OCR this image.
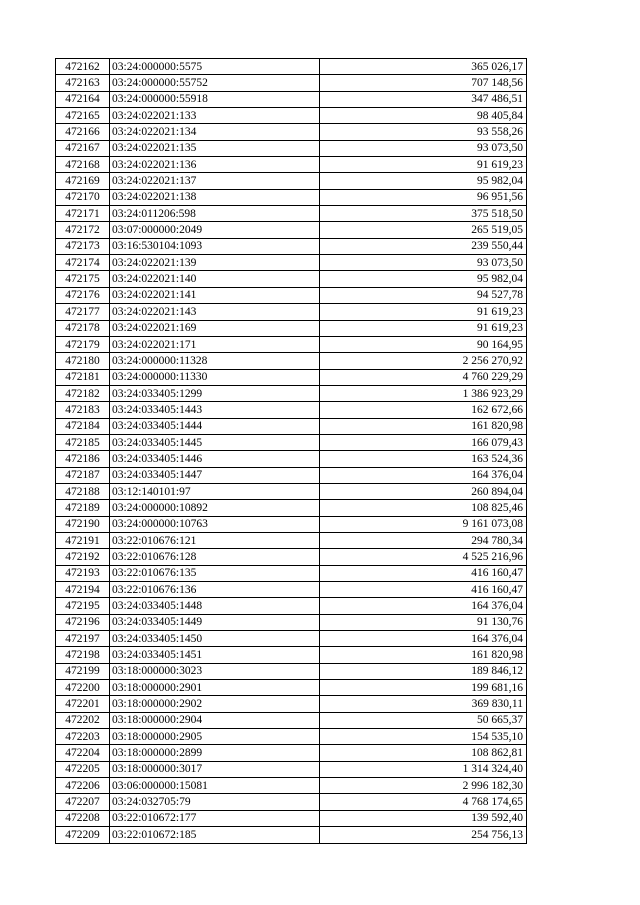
472162	03:24:000000:5575	365 026,17
472163	03:24:000000:55752	707 148,56
472164	03:24:000000:55918	347 486,51
472165	03:24:022021:133	98 405,84
472166	03:24:022021:134	93 558,26
472167	03:24:022021:135	93 073,50
472168	03:24:022021:136	91 619,23
472169	03:24:022021:137	95 982,04
472170	03:24:022021:138	96 951,56
472171	03:24:011206:598	375 518,50
472172	03:07:000000:2049	265 519,05
472173	03:16:530104:1093	239 550,44
472174	03:24:022021:139	93 073,50
472175	03:24:022021:140	95 982,04
472176	03:24:022021:141	94 527,78
472177	03:24:022021:143	91 619,23
472178	03:24:022021:169	91 619,23
472179	03:24:022021:171	90 164,95
472180	03:24:000000:11328	2 256 270,92
472181	03:24:000000:11330	4 760 229,29
472182	03:24:033405:1299	1 386 923,29
472183	03:24:033405:1443	162 672,66
472184	03:24:033405:1444	161 820,98
472185	03:24:033405:1445	166 079,43
472186	03:24:033405:1446	163 524,36
472187	03:24:033405:1447	164 376,04
472188	03:12:140101:97	260 894,04
472189	03:24:000000:10892	108 825,46
472190	03:24:000000:10763	9 161 073,08
472191	03:22:010676:121	294 780,34
472192	03:22:010676:128	4 525 216,96
472193	03:22:010676:135	416 160,47
472194	03:22:010676:136	416 160,47
472195	03:24:033405:1448	164 376,04
472196	03:24:033405:1449	91 130,76
472197	03:24:033405:1450	164 376,04
472198	03:24:033405:1451	161 820,98
472199	03:18:000000:3023	189 846,12
472200	03:18:000000:2901	199 681,16
472201	03:18:000000:2902	369 830,11
472202	03:18:000000:2904	50 665,37
472203	03:18:000000:2905	154 535,10
472204	03:18:000000:2899	108 862,81
472205	03:18:000000:3017	1 314 324,40
472206	03:06:000000:15081	2 996 182,30
472207	03:24:032705:79	4 768 174,65
472208	03:22:010672:177	139 592,40
472209	03:22:010672:185	254 756,13
